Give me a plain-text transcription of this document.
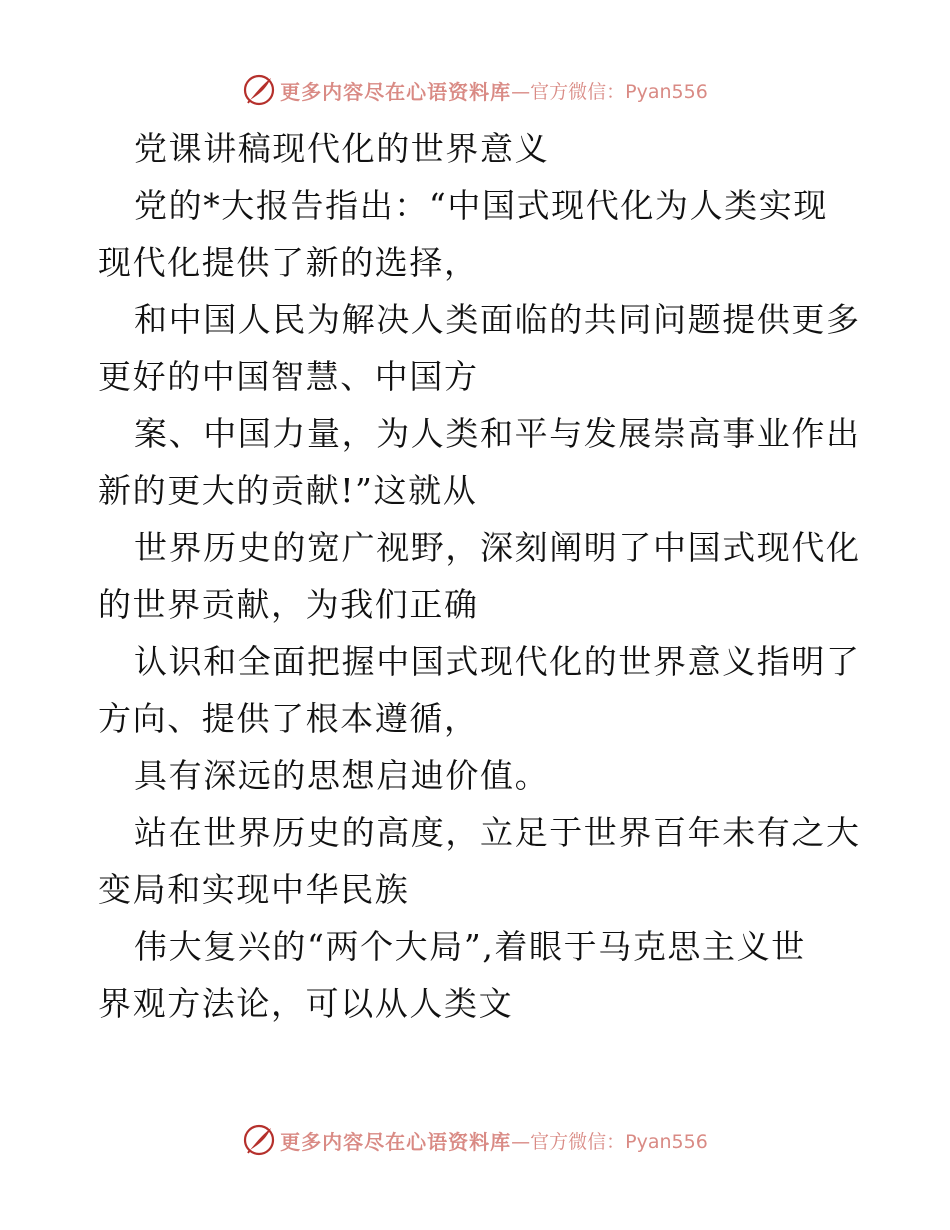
更多内容尽在心语资料库 —官方微信：Pyan556
党课讲稿现代化的世界意义
党的*大报告指出：“中国式现代化为人类实现
现代化提供了新的选择，
和中国人民为解决人类面临的共同问题提供更多
更好的中国智慧、中国方
案、中国力量，为人类和平与发展崇高事业作出
新的更大的贡献!”这就从
世界历史的宽广视野，深刻阐明了中国式现代化
的世界贡献，为我们正确
认识和全面把握中国式现代化的世界意义指明了
方向、提供了根本遵循，
具有深远的思想启迪价值。
站在世界历史的高度，立足于世界百年未有之大
变局和实现中华民族
伟大复兴的“两个大局”,着眼于马克思主义世
界观方法论，可以从人类文
更多内容尽在心语资料库 —官方微信：Pyan556
